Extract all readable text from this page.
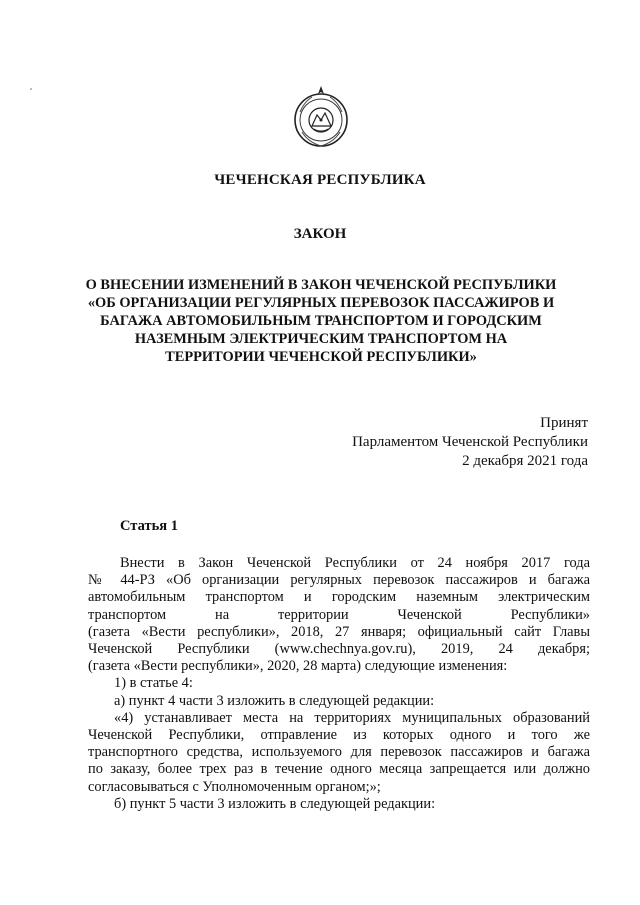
ЧЕЧЕНСКАЯ РЕСПУБЛИКА
ЗАКОН
О ВНЕСЕНИИ ИЗМЕНЕНИЙ В ЗАКОН ЧЕЧЕНСКОЙ РЕСПУБЛИКИ
«ОБ ОРГАНИЗАЦИИ РЕГУЛЯРНЫХ ПЕРЕВОЗОК ПАССАЖИРОВ И
БАГАЖА АВТОМОБИЛЬНЫМ ТРАНСПОРТОМ И ГОРОДСКИМ
НАЗЕМНЫМ ЭЛЕКТРИЧЕСКИМ ТРАНСПОРТОМ НА
ТЕРРИТОРИИ ЧЕЧЕНСКОЙ РЕСПУБЛИКИ»
Принят
Парламентом Чеченской Республики
2 декабря 2021 года
Статья 1
Внести в Закон Чеченской Республики от 24 ноября 2017 года
№ 44-РЗ «Об организации регулярных перевозок пассажиров и багажа
автомобильным транспортом и городским наземным электрическим
транспортом на территории Чеченской Республики»
(газета «Вести республики», 2018, 27 января; официальный сайт Главы
Чеченской Республики (www.chechnya.gov.ru), 2019, 24 декабря;
(газета «Вести республики», 2020, 28 марта) следующие изменения:
1) в статье 4:
а) пункт 4 части 3 изложить в следующей редакции:
«4) устанавливает места на территориях муниципальных образований
Чеченской Республики, отправление из которых одного и того же
транспортного средства, используемого для перевозок пассажиров и багажа
по заказу, более трех раз в течение одного месяца запрещается или должно
согласовываться с Уполномоченным органом;»;
б) пункт 5 части 3 изложить в следующей редакции:
